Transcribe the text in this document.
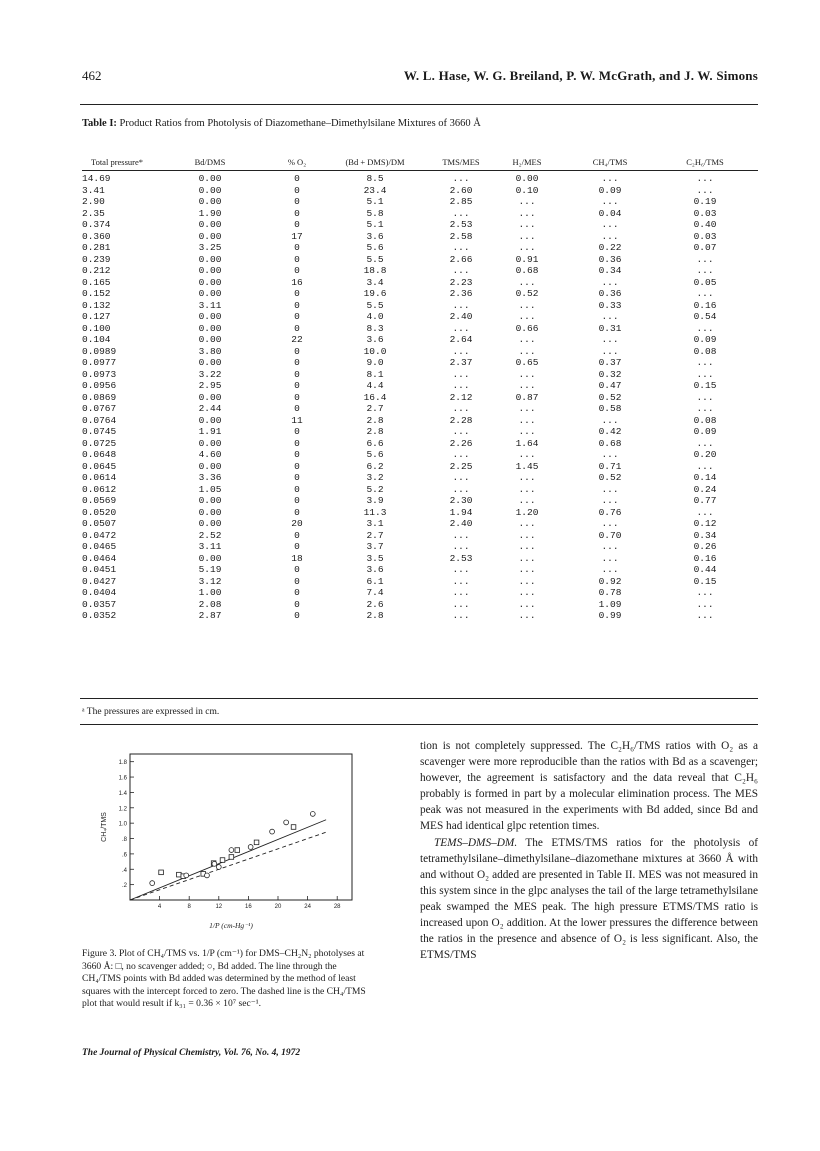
462	W. L. Hase, W. G. Breiland, P. W. McGrath, and J. W. Simons
Table I: Product Ratios from Photolysis of Diazomethane–Dimethylsilane Mixtures of 3660 Å
Total pressure*	Bd/DMS	% O₂	(Bd + DMS)/DM	TMS/MES	H₂/MES	CH₄/TMS	C₂H₆/TMS
14.69	0.00	0	8.5	...	0.00	...	...
3.41	0.00	0	23.4	2.60	0.10	0.09	...
2.90	0.00	0	5.1	2.85	...	...	0.19
2.35	1.90	0	5.8	...	...	0.04	0.03
0.374	0.00	0	5.1	2.53	...	...	0.40
0.360	0.00	17	3.6	2.58	...	...	0.03
0.281	3.25	0	5.6	...	...	0.22	0.07
0.239	0.00	0	5.5	2.66	0.91	0.36	...
0.212	0.00	0	18.8	...	0.68	0.34	...
0.165	0.00	16	3.4	2.23	...	...	0.05
0.152	0.00	0	19.6	2.36	0.52	0.36	...
0.132	3.11	0	5.5	...	...	0.33	0.16
0.127	0.00	0	4.0	2.40	...	...	0.54
0.100	0.00	0	8.3	...	0.66	0.31	...
0.104	0.00	22	3.6	2.64	...	...	0.09
0.0989	3.80	0	10.0	...	...	...	0.08
0.0977	0.00	0	9.0	2.37	0.65	0.37	...
0.0973	3.22	0	8.1	...	...	0.32	...
0.0956	2.95	0	4.4	...	...	0.47	0.15
0.0869	0.00	0	16.4	2.12	0.87	0.52	...
0.0767	2.44	0	2.7	...	...	0.58	...
0.0764	0.00	11	2.8	2.28	...	...	0.08
0.0745	1.91	0	2.8	...	...	0.42	0.09
0.0725	0.00	0	6.6	2.26	1.64	0.68	...
0.0648	4.60	0	5.6	...	...	...	0.20
0.0645	0.00	0	6.2	2.25	1.45	0.71	...
0.0614	3.36	0	3.2	...	...	0.52	0.14
0.0612	1.05	0	5.2	...	...	...	0.24
0.0569	0.00	0	3.9	2.30	...	...	0.77
0.0520	0.00	0	11.3	1.94	1.20	0.76	...
0.0507	0.00	20	3.1	2.40	...	...	0.12
0.0472	2.52	0	2.7	...	...	0.70	0.34
0.0465	3.11	0	3.7	...	...	...	0.26
0.0464	0.00	18	3.5	2.53	...	...	0.16
0.0451	5.19	0	3.6	...	...	...	0.44
0.0427	3.12	0	6.1	...	...	0.92	0.15
0.0404	1.00	0	7.4	...	...	0.78	...
0.0357	2.08	0	2.6	...	...	1.09	...
0.0352	2.87	0	2.8	...	...	0.99	...
ᵃ The pressures are expressed in cm.
.2
.4
.6
.8
1.0
1.2
1.4
1.6
1.8
4	8	12	16	20	24	28
CH₄/TMS
1/P (cm-Hg⁻¹)
Figure 3. Plot of CH₄/TMS vs. 1/P (cm⁻¹) for DMS–CH₂N₂ photolyses at 3660 Å: □, no scavenger added; ○, Bd added. The line through the CH₄/TMS points with Bd added was determined by the method of least squares with the intercept forced to zero. The dashed line is the CH₄/TMS plot that would result if k₃₁ = 0.36 × 10⁷ sec⁻¹.
The Journal of Physical Chemistry, Vol. 76, No. 4, 1972

tion is not completely suppressed. The C₂H₆/TMS ratios with O₂ as a scavenger were more reproducible than the ratios with Bd as a scavenger; however, the agreement is satisfactory and the data reveal that C₂H₆ probably is formed in part by a molecular elimination process. The MES peak was not measured in the experiments with Bd added, since Bd and MES had identical glpc retention times.

TEMS–DMS–DM. The ETMS/TMS ratios for the photolysis of tetramethylsilane–dimethylsilane–diazomethane mixtures at 3660 Å with and without O₂ added are presented in Table II. MES was not measured in this system since in the glpc analyses the tail of the large tetramethylsilane peak swamped the MES peak. The high pressure ETMS/TMS ratio is increased upon O₂ addition. At the lower pressures the difference between the ratios in the presence and absence of O₂ is less significant. Also, the ETMS/TMS
